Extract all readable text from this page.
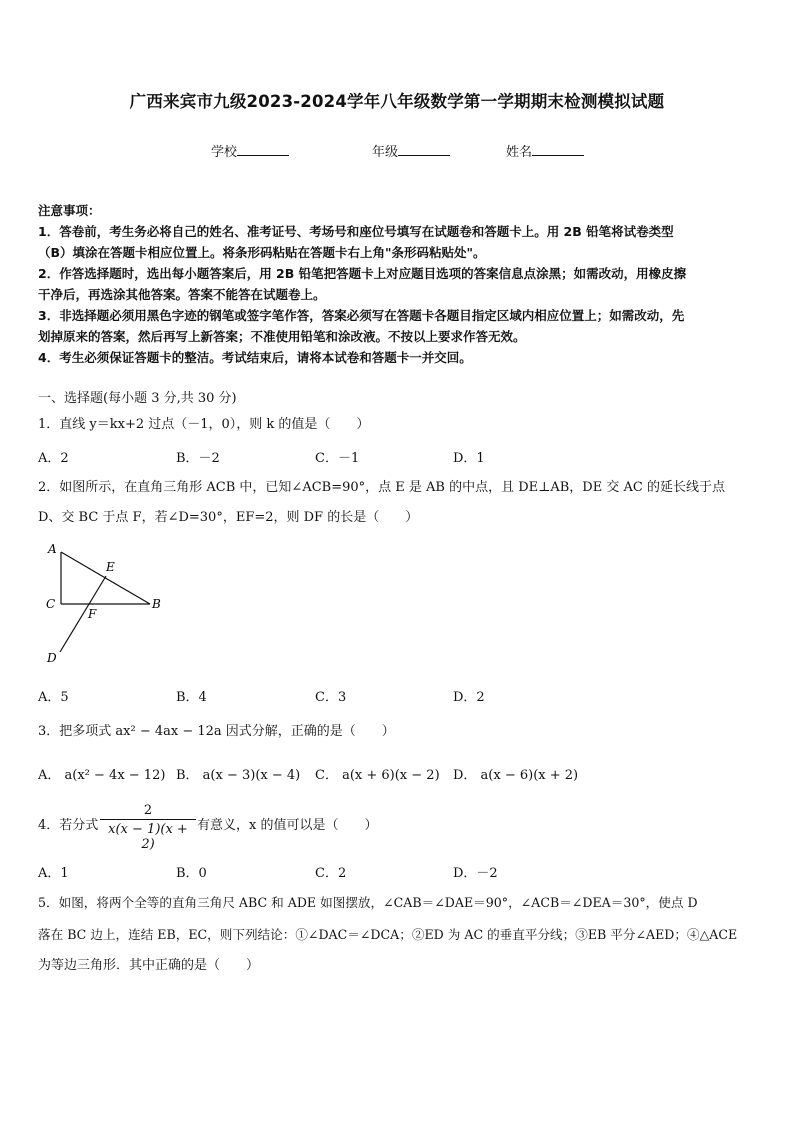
广西来宾市九级2023-2024学年八年级数学第一学期期末检测模拟试题
学校	年级	姓名
注意事项：
1．答卷前，考生务必将自己的姓名、准考证号、考场号和座位号填写在试题卷和答题卡上。用 2B 铅笔将试卷类型
（B）填涂在答题卡相应位置上。将条形码粘贴在答题卡右上角"条形码粘贴处"。
2．作答选择题时，选出每小题答案后，用 2B 铅笔把答题卡上对应题目选项的答案信息点涂黑；如需改动，用橡皮擦
干净后，再选涂其他答案。答案不能答在试题卷上。
3．非选择题必须用黑色字迹的钢笔或签字笔作答，答案必须写在答题卡各题目指定区域内相应位置上；如需改动，先
划掉原来的答案，然后再写上新答案；不准使用铅笔和涂改液。不按以上要求作答无效。
4．考生必须保证答题卡的整洁。考试结束后，请将本试卷和答题卡一并交回。
一、选择题(每小题 3 分,共 30 分)
1．直线 y＝kx+2 过点（－1，0），则 k 的值是（　　）
A．2	B．－2	C．－1	D．1
2．如图所示，在直角三角形 ACB 中，已知∠ACB=90°，点 E 是 AB 的中点，且 DE⊥AB，DE 交 AC 的延长线于点
D、交 BC 于点 F，若∠D=30°，EF=2，则 DF 的长是（　　）
A
E
C	B
F
D
A．5	B．4	C．3	D．2
3．把多项式 ax² − 4ax − 12a 因式分解，正确的是（　　）
A． a(x² − 4x − 12) B． a(x − 3)(x − 4) C． a(x + 6)(x − 2) D． a(x − 6)(x + 2)
4．若分式 $\frac{2}{x(x - 1)(x + 2)}$ 有意义，x 的值可以是（　　）
A．1	B．0	C．2	D．－2
5．如图，将两个全等的直角三角尺 ABC 和 ADE 如图摆放，∠CAB＝∠DAE＝90°，∠ACB＝∠DEA＝30°，使点 D
落在 BC 边上，连结 EB，EC，则下列结论：①∠DAC＝∠DCA；②ED 为 AC 的垂直平分线；③EB 平分∠AED；④△ACE
为等边三角形．其中正确的是（　　）
